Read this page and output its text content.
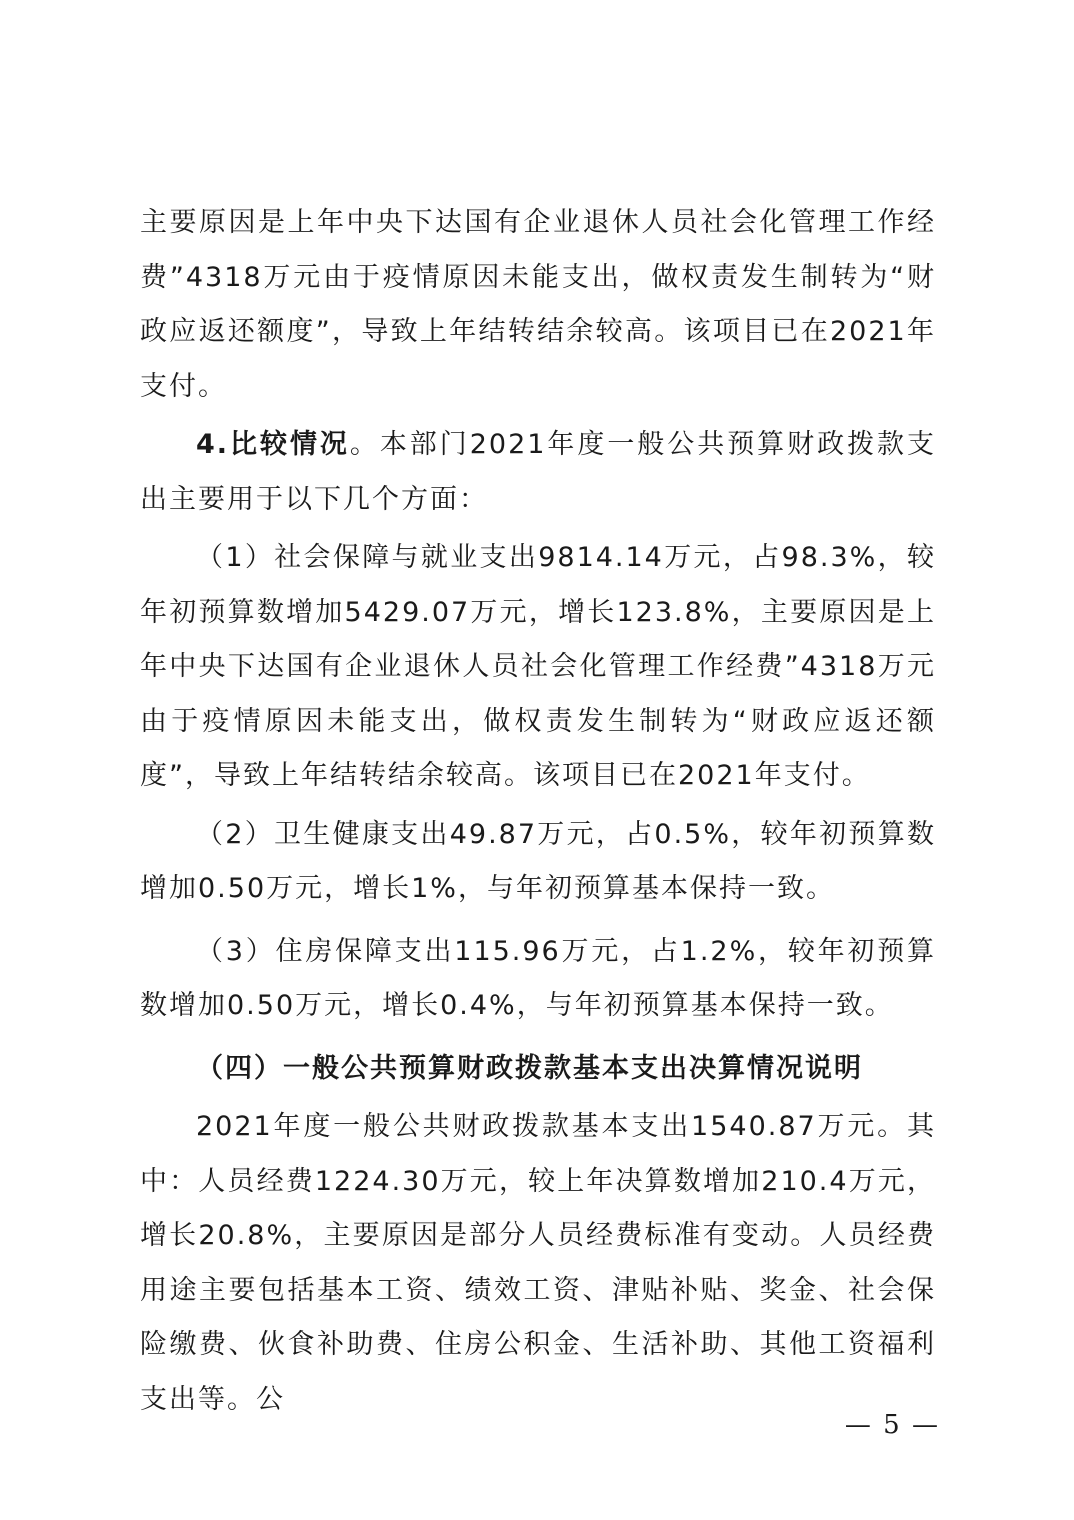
主要原因是上年中央下达国有企业退休人员社会化管理工作经费”4318万元由于疫情原因未能支出，做权责发生制转为“财政应返还额度”，导致上年结转结余较高。该项目已在2021年支付。

4.比较情况。本部门2021年度一般公共预算财政拨款支出主要用于以下几个方面：

（1）社会保障与就业支出9814.14万元，占98.3%，较年初预算数增加5429.07万元，增长123.8%，主要原因是上年中央下达国有企业退休人员社会化管理工作经费”4318万元由于疫情原因未能支出，做权责发生制转为“财政应返还额度”，导致上年结转结余较高。该项目已在2021年支付。

（2）卫生健康支出49.87万元，占0.5%，较年初预算数增加0.50万元，增长1%，与年初预算基本保持一致。

（3）住房保障支出115.96万元，占1.2%，较年初预算数增加0.50万元，增长0.4%，与年初预算基本保持一致。

（四）一般公共预算财政拨款基本支出决算情况说明

2021年度一般公共财政拨款基本支出1540.87万元。其中：人员经费1224.30万元，较上年决算数增加210.4万元，增长20.8%，主要原因是部分人员经费标准有变动。人员经费用途主要包括基本工资、绩效工资、津贴补贴、奖金、社会保险缴费、伙食补助费、住房公积金、生活补助、其他工资福利支出等。公

— 5 —
